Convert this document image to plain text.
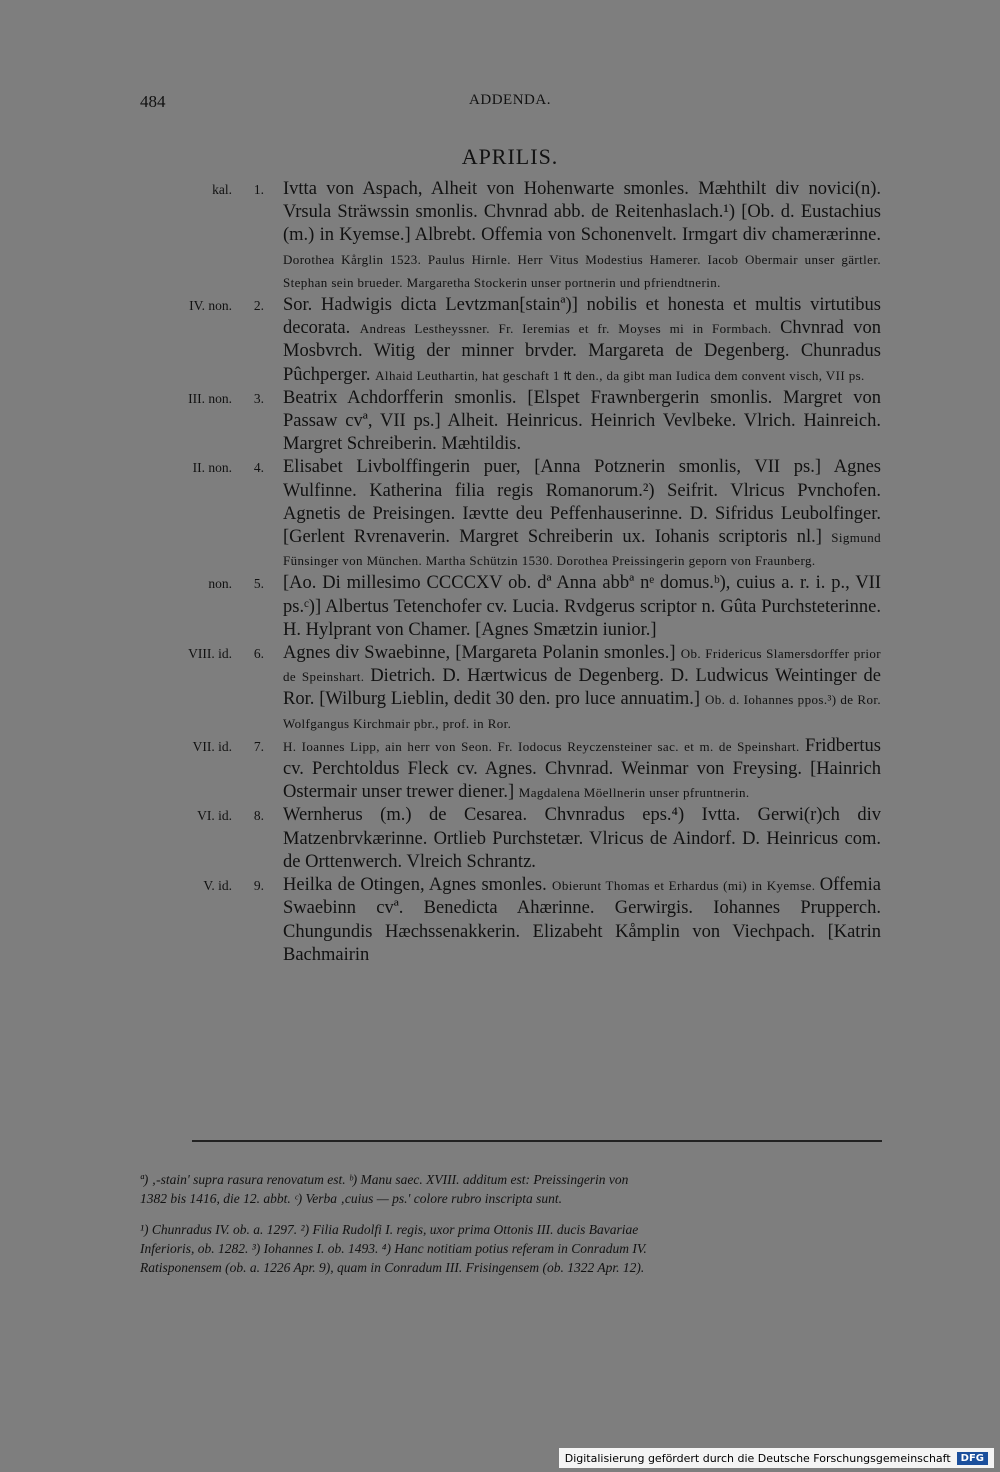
484	ADDENDA.
APRILIS.
kal.	1. Ivtta von Aspach, Alheit von Hohenwarte smonles. Mæhthilt div novici(n). Vrsula Sträwssin smonlis. Chvnrad abb. de Reitenhaslach.¹) [Ob. d. Eustachius (m.) in Kyemse.] Albrebt. Offemia von Schonenvelt. Irmgart div chamerærinne. Dorothea Kårglin 1523. Paulus Hirnle. Herr Vitus Modestius Hamerer. Iacob Obermair unser gärtler. Stephan sein brueder. Margaretha Stockerin unser portnerin und pfriendtnerin.
IV. non.	2. Sor. Hadwigis dicta Levtzman[stainª)] nobilis et honesta et multis virtutibus decorata. Andreas Lestheyssner. Fr. Ieremias et fr. Moyses mi in Formbach. Chvnrad von Mosbvrch. Witig der minner brvder. Margareta de Degenberg. Chunradus Pûchperger. Alhaid Leuthartin, hat geschaft 1 ₶ den., da gibt man Iudica dem convent visch, VII ps.
III. non.	3. Beatrix Achdorfferin smonlis. [Elspet Frawnbergerin smonlis. Margret von Passaw cvª, VII ps.] Alheit. Heinricus. Heinrich Vevlbeke. Vlrich. Hainreich. Margret Schreiberin. Mæhtildis.
II. non.	4. Elisabet Livbolffingerin puer, [Anna Potznerin smonlis, VII ps.] Agnes Wulfinne. Katherina filia regis Romanorum.²) Seifrit. Vlricus Pvnchofen. Agnetis de Preisingen. Iævtte deu Peffenhauserinne. D. Sifridus Leubolfinger. [Gerlent Rvrenaverin. Margret Schreiberin ux. Iohanis scriptoris nl.] Sigmund Fünsinger von München. Martha Schützin 1530. Dorothea Preissingerin geporn von Fraunberg.
non.	5. [Ao. Di millesimo CCCCXV ob. dª Anna abbª nᵉ domus.ᵇ), cuius a. r. i. p., VII ps.ᶜ)] Albertus Tetenchofer cv. Lucia. Rvdgerus scriptor n. Gûta Purchsteterinne. H. Hylprant von Chamer. [Agnes Smætzin iunior.]
VIII. id.	6. Agnes div Swaebinne, [Margareta Polanin smonles.] Ob. Fridericus Slamersdorffer prior de Speinshart. Dietrich. D. Hærtwicus de Degenberg. D. Ludwicus Weintinger de Ror. [Wilburg Lieblin, dedit 30 den. pro luce annuatim.] Ob. d. Iohannes ppos.³) de Ror. Wolfgangus Kirchmair pbr., prof. in Ror.
VII. id.	7. H. Ioannes Lipp, ain herr von Seon. Fr. Iodocus Reyczensteiner sac. et m. de Speinshart. Fridbertus cv. Perchtoldus Fleck cv. Agnes. Chvnrad. Weinmar von Freysing. [Hainrich Ostermair unser trewer diener.] Magdalena Möellnerin unser pfruntnerin.
VI. id.	8. Wernherus (m.) de Cesarea. Chvnradus eps.⁴) Ivtta. Gerwi(r)ch div Matzenbrvkærinne. Ortlieb Purchstetær. Vlricus de Aindorf. D. Heinricus com. de Orttenwerch. Vlreich Schrantz.
V. id.	9. Heilka de Otingen, Agnes smonles. Obierunt Thomas et Erhardus (mi) in Kyemse. Offemia Swaebinn cvª. Benedicta Ahærinne. Gerwirgis. Iohannes Prupperch. Chungundis Hæchssenakkerin. Elizabeht Kåmplin von Viechpach. [Katrin Bachmairin
ª) ‚-stain' supra rasura renovatum est. ᵇ) Manu saec. XVIII. additum est: Preissingerin von
1382 bis 1416, die 12. abbt. ᶜ) Verba ‚cuius — ps.' colore rubro inscripta sunt.
¹) Chunradus IV. ob. a. 1297. ²) Filia Rudolfi I. regis, uxor prima Ottonis III. ducis Bavariae
Inferioris, ob. 1282. ³) Iohannes I. ob. 1493. ⁴) Hanc notitiam potius referam in Conradum IV.
Ratisponensem (ob. a. 1226 Apr. 9), quam in Conradum III. Frisingensem (ob. 1322 Apr. 12).
Digitalisierung gefördert durch die Deutsche Forschungsgemeinschaft	DFG
